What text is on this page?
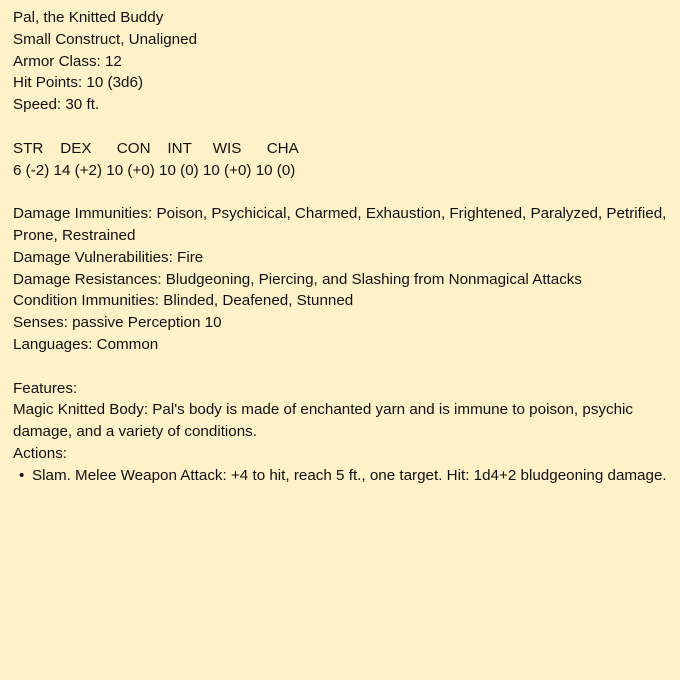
Pal, the Knitted Buddy

Small Construct, Unaligned

Armor Class: 12

Hit Points: 10 (3d6)

Speed: 30 ft.

STR    DEX      CON    INT     WIS      CHA

6 (-2) 14 (+2) 10 (+0) 10 (0) 10 (+0) 10 (0)

Damage Immunities: Poison, Psychicical, Charmed, Exhaustion, Frightened, Paralyzed, Petrified, Prone, Restrained

Damage Vulnerabilities: Fire

Damage Resistances: Bludgeoning, Piercing, and Slashing from Nonmagical Attacks

Condition Immunities: Blinded, Deafened, Stunned

Senses: passive Perception 10

Languages: Common

Features:

Magic Knitted Body: Pal's body is made of enchanted yarn and is immune to poison, psychic damage, and a variety of conditions.

Actions:

• Slam. Melee Weapon Attack: +4 to hit, reach 5 ft., one target. Hit: 1d4+2 bludgeoning damage.
